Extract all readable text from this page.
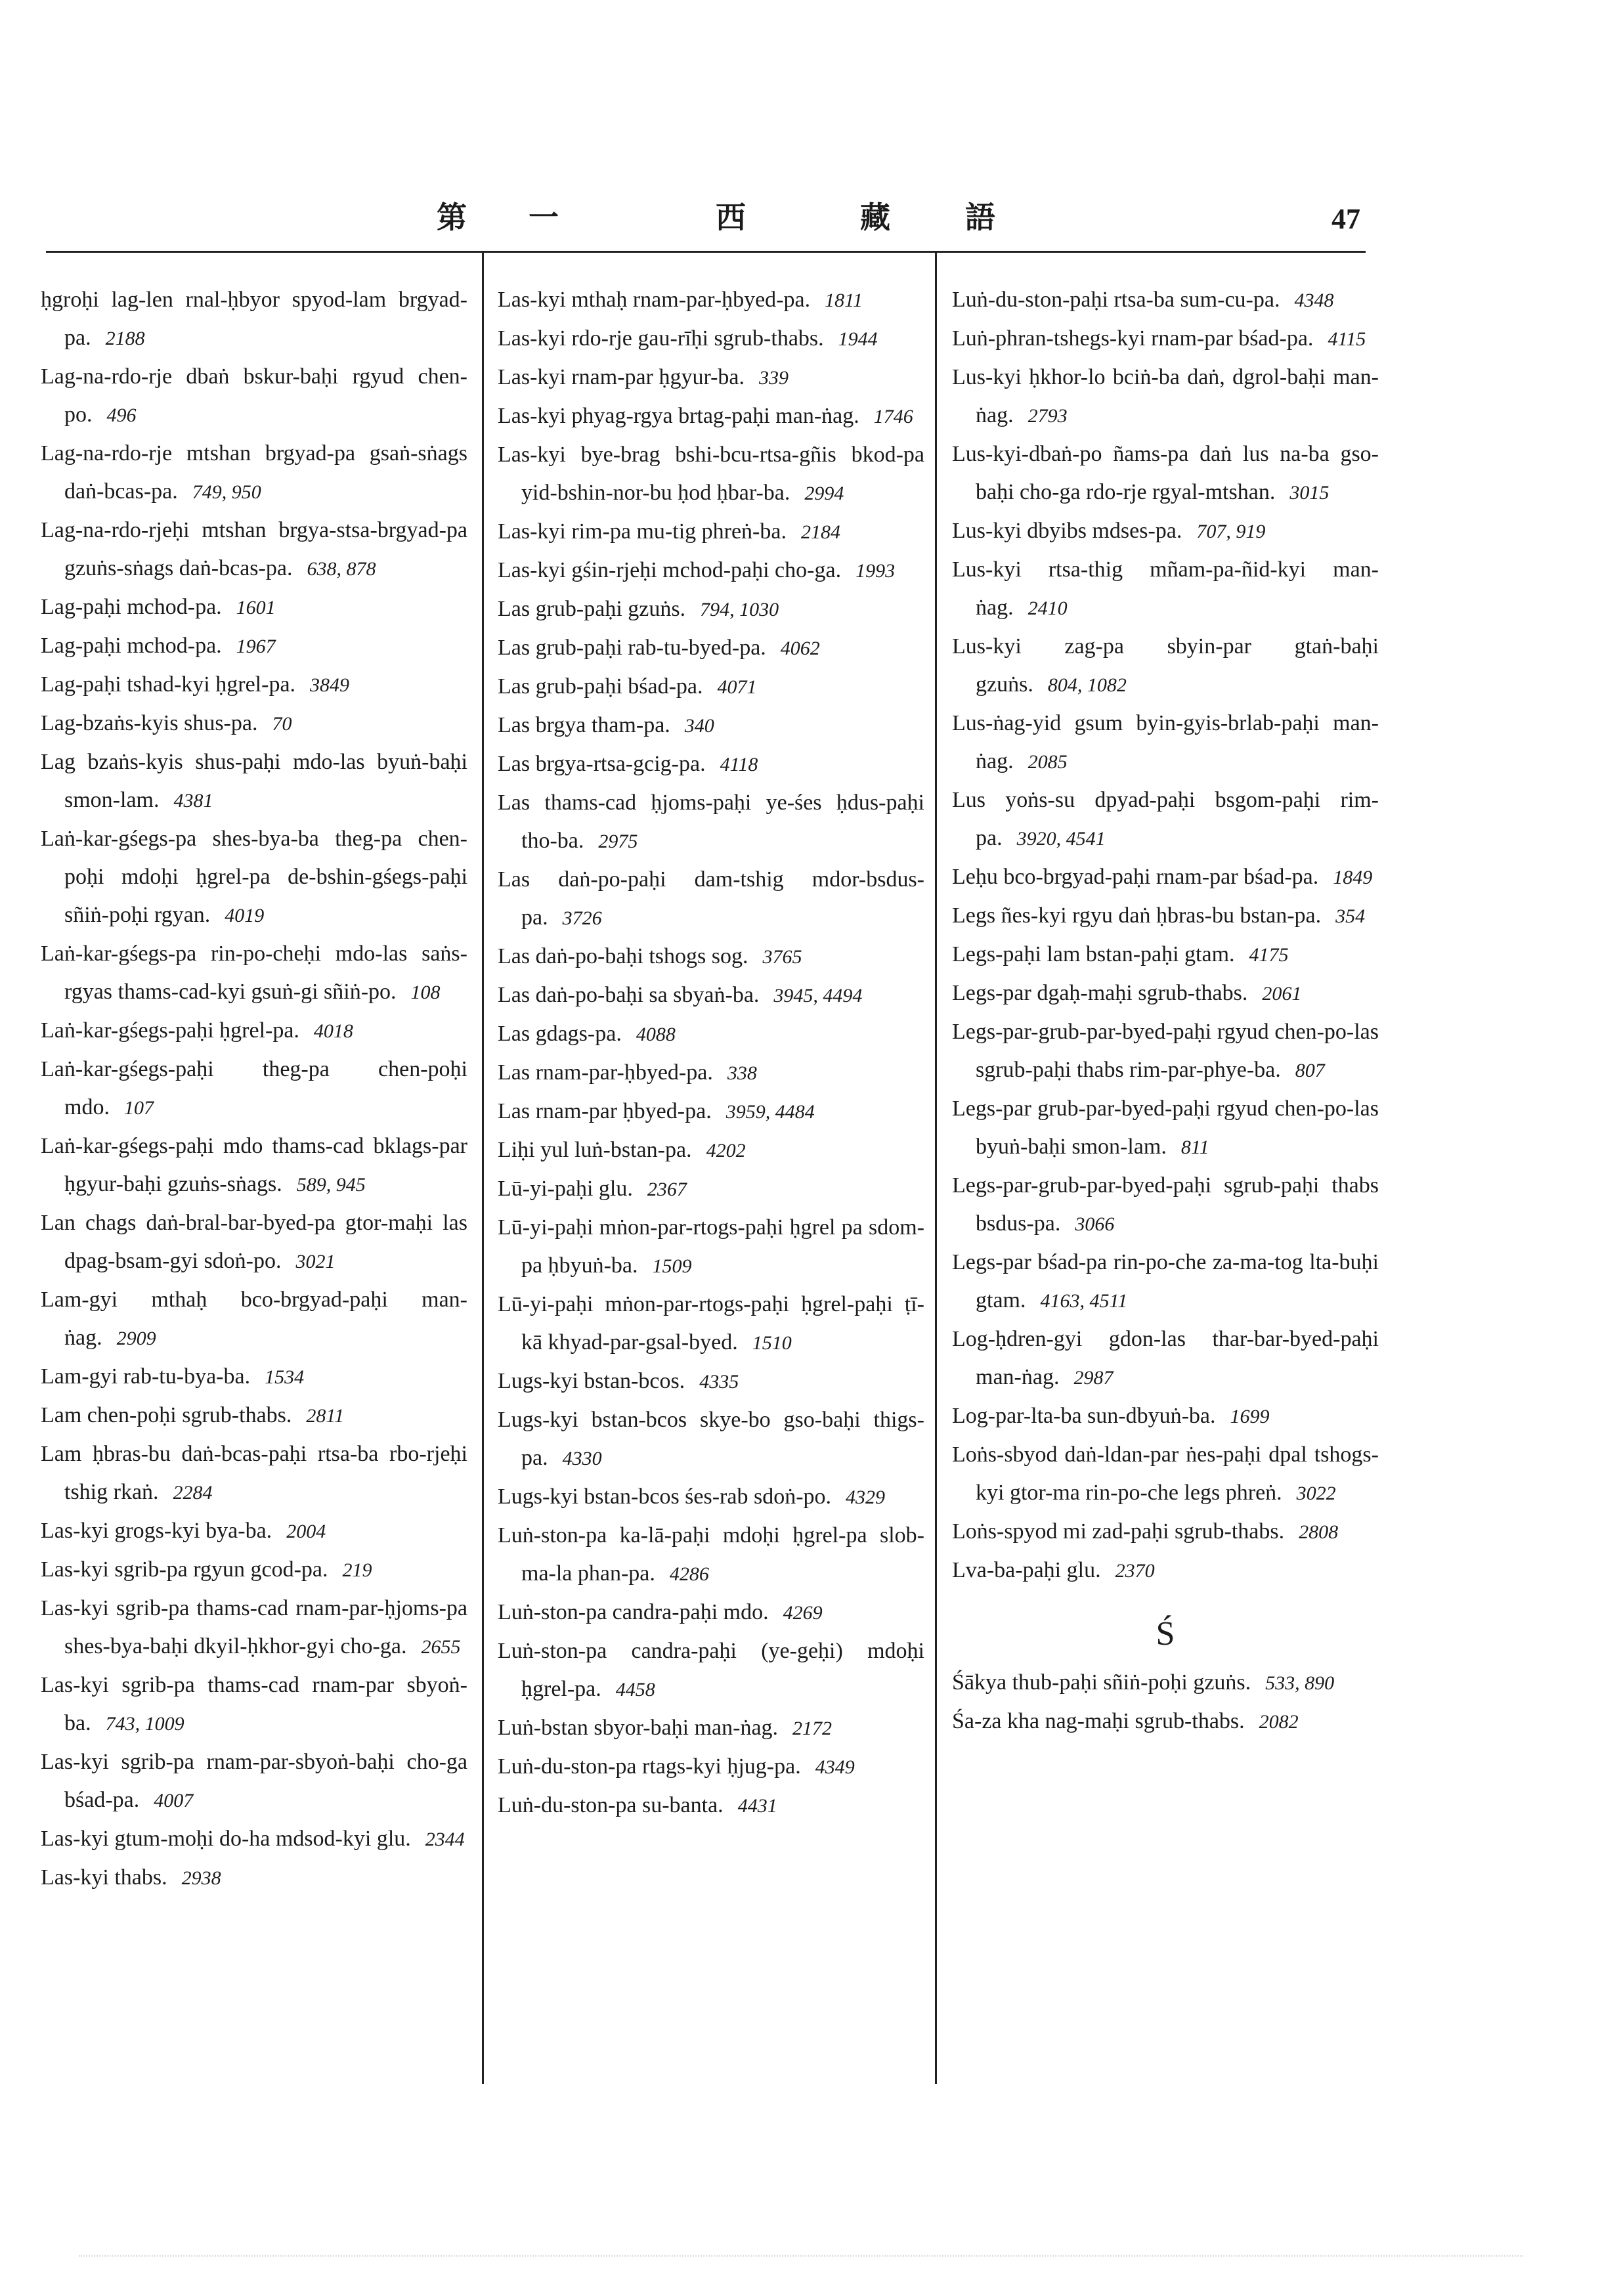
第 一	西	藏 語	47
ḥgroḥi lag-len rnal-ḥbyor spyod-lam brgyad-pa. 2188
Lag-na-rdo-rje dbaṅ bskur-baḥi rgyud chen-po. 496
Lag-na-rdo-rje mtshan brgyad-pa gsaṅ-sṅags daṅ-bcas-pa. 749, 950
Lag-na-rdo-rjeḥi mtshan brgya-stsa-brgyad-pa gzuṅs-sṅags daṅ-bcas-pa. 638, 878
Lag-paḥi mchod-pa. 1601
Lag-paḥi mchod-pa. 1967
Lag-paḥi tshad-kyi ḥgrel-pa. 3849
Lag-bzaṅs-kyis shus-pa. 70
Lag bzaṅs-kyis shus-paḥi mdo-las byuṅ-baḥi smon-lam. 4381
Laṅ-kar-gśegs-pa shes-bya-ba theg-pa chen-poḥi mdoḥi ḥgrel-pa de-bshin-gśegs-paḥi sñiṅ-poḥi rgyan. 4019
Laṅ-kar-gśegs-pa rin-po-cheḥi mdo-las saṅs-rgyas thams-cad-kyi gsuṅ-gi sñiṅ-po. 108
Laṅ-kar-gśegs-paḥi ḥgrel-pa. 4018
Laṅ-kar-gśegs-paḥi theg-pa chen-poḥi mdo. 107
Laṅ-kar-gśegs-paḥi mdo thams-cad bklags-par ḥgyur-baḥi gzuṅs-sṅags. 589, 945
Lan chags daṅ-bral-bar-byed-pa gtor-maḥi las dpag-bsam-gyi sdoṅ-po. 3021
Lam-gyi mthaḥ bco-brgyad-paḥi man-ṅag. 2909
Lam-gyi rab-tu-bya-ba. 1534
Lam chen-poḥi sgrub-thabs. 2811
Lam ḥbras-bu daṅ-bcas-paḥi rtsa-ba rbo-rjeḥi tshig rkaṅ. 2284
Las-kyi grogs-kyi bya-ba. 2004
Las-kyi sgrib-pa rgyun gcod-pa. 219
Las-kyi sgrib-pa thams-cad rnam-par-ḥjoms-pa shes-bya-baḥi dkyil-ḥkhor-gyi cho-ga. 2655
Las-kyi sgrib-pa thams-cad rnam-par sbyoṅ-ba. 743, 1009
Las-kyi sgrib-pa rnam-par-sbyoṅ-baḥi cho-ga bśad-pa. 4007
Las-kyi gtum-moḥi do-ha mdsod-kyi glu. 2344
Las-kyi thabs. 2938
Las-kyi mthaḥ rnam-par-ḥbyed-pa. 1811
Las-kyi rdo-rje gau-rīḥi sgrub-thabs. 1944
Las-kyi rnam-par ḥgyur-ba. 339
Las-kyi phyag-rgya brtag-paḥi man-ṅag. 1746
Las-kyi bye-brag bshi-bcu-rtsa-gñis bkod-pa yid-bshin-nor-bu ḥod ḥbar-ba. 2994
Las-kyi rim-pa mu-tig phreṅ-ba. 2184
Las-kyi gśin-rjeḥi mchod-paḥi cho-ga. 1993
Las grub-paḥi gzuṅs. 794, 1030
Las grub-paḥi rab-tu-byed-pa. 4062
Las grub-paḥi bśad-pa. 4071
Las brgya tham-pa. 340
Las brgya-rtsa-gcig-pa. 4118
Las thams-cad ḥjoms-paḥi ye-śes ḥdus-paḥi tho-ba. 2975
Las daṅ-po-paḥi dam-tshig mdor-bsdus-pa. 3726
Las daṅ-po-baḥi tshogs sog. 3765
Las daṅ-po-baḥi sa sbyaṅ-ba. 3945, 4494
Las gdags-pa. 4088
Las rnam-par-ḥbyed-pa. 338
Las rnam-par ḥbyed-pa. 3959, 4484
Liḥi yul luṅ-bstan-pa. 4202
Lū-yi-paḥi glu. 2367
Lū-yi-paḥi mṅon-par-rtogs-paḥi ḥgrel pa sdom-pa ḥbyuṅ-ba. 1509
Lū-yi-paḥi mṅon-par-rtogs-paḥi ḥgrel-paḥi ṭī-kā khyad-par-gsal-byed. 1510
Lugs-kyi bstan-bcos. 4335
Lugs-kyi bstan-bcos skye-bo gso-baḥi thigs-pa. 4330
Lugs-kyi bstan-bcos śes-rab sdoṅ-po. 4329
Luṅ-ston-pa ka-lā-paḥi mdoḥi ḥgrel-pa slob-ma-la phan-pa. 4286
Luṅ-ston-pa candra-paḥi mdo. 4269
Luṅ-ston-pa candra-paḥi (ye-geḥi) mdoḥi ḥgrel-pa. 4458
Luṅ-bstan sbyor-baḥi man-ṅag. 2172
Luṅ-du-ston-pa rtags-kyi ḥjug-pa. 4349
Luṅ-du-ston-pa su-banta. 4431
Luṅ-du-ston-paḥi rtsa-ba sum-cu-pa. 4348
Luṅ-phran-tshegs-kyi rnam-par bśad-pa. 4115
Lus-kyi ḥkhor-lo bciṅ-ba daṅ, dgrol-baḥi man-ṅag. 2793
Lus-kyi-dbaṅ-po ñams-pa daṅ lus na-ba gso-baḥi cho-ga rdo-rje rgyal-mtshan. 3015
Lus-kyi dbyibs mdses-pa. 707, 919
Lus-kyi rtsa-thig mñam-pa-ñid-kyi man-ṅag. 2410
Lus-kyi zag-pa sbyin-par gtaṅ-baḥi gzuṅs. 804, 1082
Lus-ṅag-yid gsum byin-gyis-brlab-paḥi man-ṅag. 2085
Lus yoṅs-su dpyad-paḥi bsgom-paḥi rim-pa. 3920, 4541
Leḥu bco-brgyad-paḥi rnam-par bśad-pa. 1849
Legs ñes-kyi rgyu daṅ ḥbras-bu bstan-pa. 354
Legs-paḥi lam bstan-paḥi gtam. 4175
Legs-par dgaḥ-maḥi sgrub-thabs. 2061
Legs-par-grub-par-byed-paḥi rgyud chen-po-las sgrub-paḥi thabs rim-par-phye-ba. 807
Legs-par grub-par-byed-paḥi rgyud chen-po-las byuṅ-baḥi smon-lam. 811
Legs-par-grub-par-byed-paḥi sgrub-paḥi thabs bsdus-pa. 3066
Legs-par bśad-pa rin-po-che za-ma-tog lta-buḥi gtam. 4163, 4511
Log-ḥdren-gyi gdon-las thar-bar-byed-paḥi man-ṅag. 2987
Log-par-lta-ba sun-dbyuṅ-ba. 1699
Loṅs-sbyod daṅ-ldan-par ṅes-paḥi dpal tshogs-kyi gtor-ma rin-po-che legs phreṅ. 3022
Loṅs-spyod mi zad-paḥi sgrub-thabs. 2808
Lva-ba-paḥi glu. 2370
Ś
Śākya thub-paḥi sñiṅ-poḥi gzuṅs. 533, 890
Śa-za kha nag-maḥi sgrub-thabs. 2082
